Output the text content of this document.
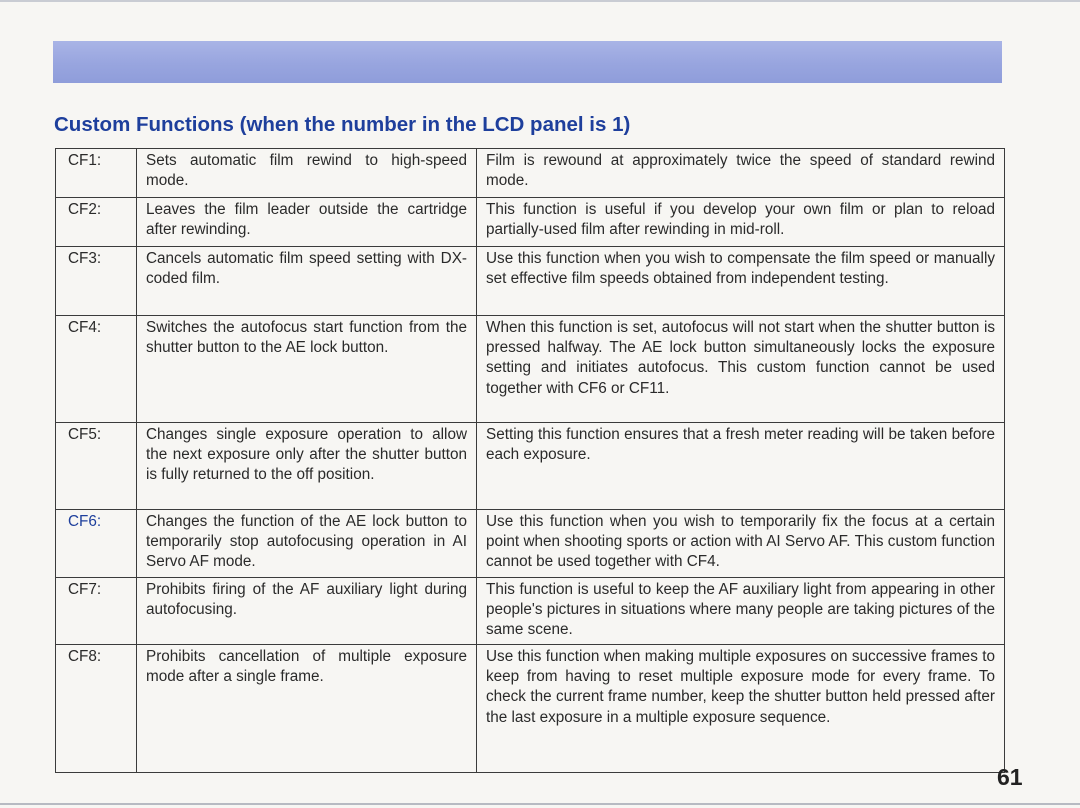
Custom Functions (when the number in the LCD panel is 1)
CF1:	Sets automatic film rewind to high-speed mode.	Film is rewound at approximately twice the speed of standard rewind mode.
CF2:	Leaves the film leader outside the cartridge after rewinding.	This function is useful if you develop your own film or plan to reload partially-used film after rewinding in mid-roll.
CF3:	Cancels automatic film speed setting with DX-coded film.	Use this function when you wish to compensate the film speed or manually set effective film speeds obtained from independent testing.
CF4:	Switches the autofocus start function from the shutter button to the AE lock button.	When this function is set, autofocus will not start when the shutter button is pressed halfway. The AE lock button simultaneously locks the exposure setting and initiates autofocus. This custom function cannot be used together with CF6 or CF11.
CF5:	Changes single exposure operation to allow the next exposure only after the shutter button is fully returned to the off position.	Setting this function ensures that a fresh meter reading will be taken before each exposure.
CF6:	Changes the function of the AE lock button to temporarily stop autofocusing operation in AI Servo AF mode.	Use this function when you wish to temporarily fix the focus at a certain point when shooting sports or action with AI Servo AF. This custom function cannot be used together with CF4.
CF7:	Prohibits firing of the AF auxiliary light during autofocusing.	This function is useful to keep the AF auxiliary light from appearing in other people's pictures in situations where many people are taking pictures of the same scene.
CF8:	Prohibits cancellation of multiple exposure mode after a single frame.	Use this function when making multiple exposures on successive frames to keep from having to reset multiple exposure mode for every frame. To check the current frame number, keep the shutter button held pressed after the last exposure in a multiple exposure sequence.
61
